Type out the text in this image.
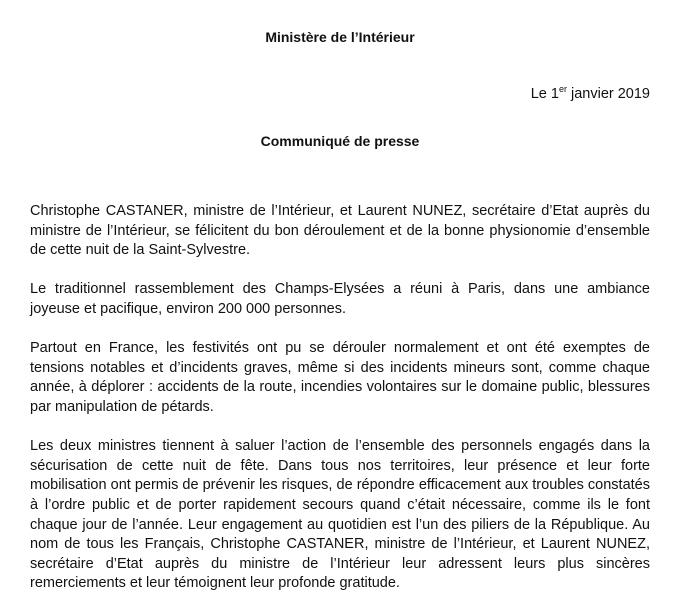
Ministère de l’Intérieur
Le 1er janvier 2019
Communiqué de presse

Christophe CASTANER, ministre de l’Intérieur, et Laurent NUNEZ, secrétaire d’Etat auprès du ministre de l’Intérieur, se félicitent du bon déroulement et de la bonne physionomie d’ensemble de cette nuit de la Saint-Sylvestre.

Le traditionnel rassemblement des Champs-Elysées a réuni à Paris, dans une ambiance joyeuse et pacifique, environ 200 000 personnes.

Partout en France, les festivités ont pu se dérouler normalement et ont été exemptes de tensions notables et d’incidents graves, même si des incidents mineurs sont, comme chaque année, à déplorer : accidents de la route, incendies volontaires sur le domaine public, blessures par manipulation de pétards.

Les deux ministres tiennent à saluer l’action de l’ensemble des personnels engagés dans la sécurisation de cette nuit de fête. Dans tous nos territoires, leur présence et leur forte mobilisation ont permis de prévenir les risques, de répondre efficacement aux troubles constatés à l’ordre public et de porter rapidement secours quand c’était nécessaire, comme ils le font chaque jour de l’année. Leur engagement au quotidien est l’un des piliers de la République. Au nom de tous les Français, Christophe CASTANER, ministre de l’Intérieur, et Laurent NUNEZ, secrétaire d’Etat auprès du ministre de l’Intérieur leur adressent leurs plus sincères remerciements et leur témoignent leur profonde gratitude.
